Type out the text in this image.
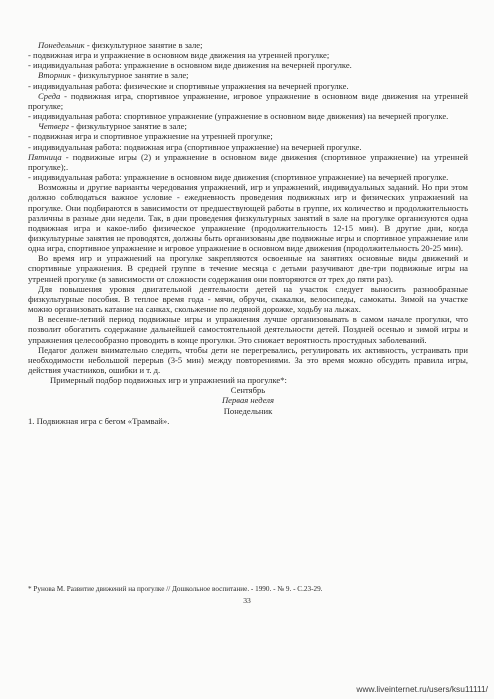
Понедельник - физкультурное занятие в зале;

- подвижная игра и упражнение в основном виде движения на утренней прогулке;

- индивидуальная работа: упражнение в основном виде движения на вечерней прогулке.

Вторник - физкультурное занятие в зале;

- индивидуальная работа: физические и спортивные упражнения на вечерней прогулке.

Среда - подвижная игра, спортивное упражнение, игровое упражнение в основном виде движения на утренней прогулке;

- индивидуальная работа: спортивное упражнение (упражнение в основном виде движения) на вечерней прогулке.

Четверг - физкультурное занятие в зале;

- подвижная игра и спортивное упражнение на утренней прогулке;

- индивидуальная работа: подвижная игра (спортивное упражнение) на вечерней прогулке.

Пятница - подвижные игры (2) и упражнение в основном виде движения (спортивное упражнение) на утренней прогулке);.

- индивидуальная работа: упражнение в основном виде движения (спортивное упражнение) на вечерней прогулке.

Возможны и другие варианты чередования упражнений, игр и упражнений, индивидуальных заданий. Но при этом должно соблюдаться важное условие - ежедневность проведения подвижных игр и физических упражнений на прогулке. Они подбираются в зависимости от предшествующей работы в группе, их количество и продолжительность различны в разные дни недели. Так, в дни проведения физкультурных занятий в зале на прогулке организуются одна подвижная игра и какое-либо физическое упражнение (продолжительность 12-15 мин). В другие дни, когда физкультурные занятия не проводятся, должны быть организованы две подвижные игры и спортивное упражнение или одна игра, спортивное упражнение и игровое упражнение в основном виде движения (продолжительность 20-25 мин).

Во время игр и упражнений на прогулке закрепляются освоенные на занятиях основные виды движений и спортивные упражнения. В средней группе в течение месяца с детьми разучивают две-три подвижные игры на утренней прогулке (в зависимости от сложности содержания они повторяются от трех до пяти раз).

Для повышения уровня двигательной деятельности детей на участок следует выносить разнообразные физкультурные пособия. В теплое время года - мячи, обручи, скакалки, велосипеды, самокаты. Зимой на участке можно организовать катание на санках, скольжение по ледяной дорожке, ходьбу на лыжах.

В весенне-летний период подвижные игры и упражнения лучше организовывать в самом начале прогулки, что позволит обогатить содержание дальнейшей самостоятельной деятельности детей. Поздней осенью и зимой игры и упражнения целесообразно проводить в конце прогулки. Это снижает вероятность простудных заболеваний.

Педагог должен внимательно следить, чтобы дети не перегревались, регулировать их активность, устраивать при необходимости небольшой перерыв (3-5 мин) между повторениями. За это время можно обсудить правила игры, действия участников, ошибки и т. д.

Примерный подбор подвижных игр и упражнений на прогулке*:

Сентябрь

Первая неделя

Понедельник

1. Подвижная игра с бегом «Трамвай».

* Рунова М. Развитие движений на прогулке // Дошкольное воспитание. - 1990. - № 9. - С.23-29.
33
www.liveinternet.ru/users/ksu11111/
